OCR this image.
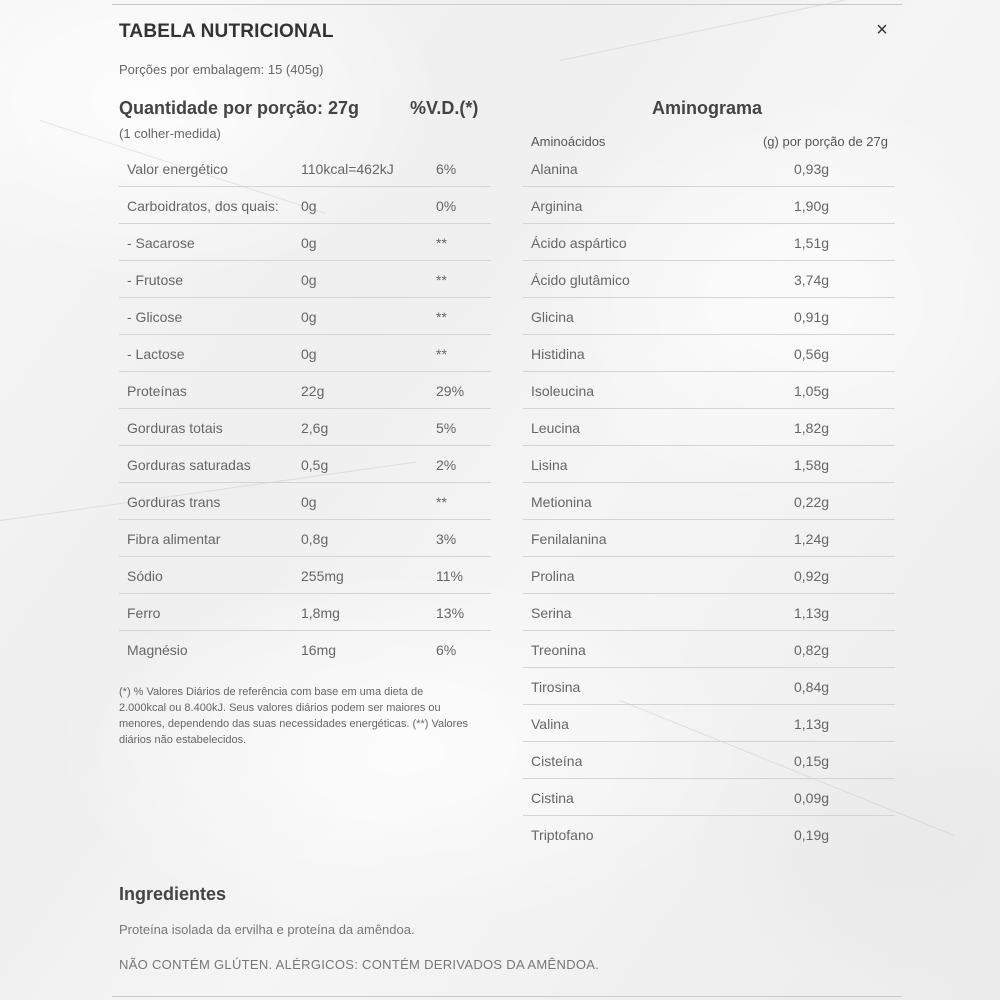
TABELA NUTRICIONAL	×
Porções por embalagem: 15 (405g)
Quantidade por porção: 27g	%V.D.(*)
(1 colher-medida)
Aminograma
Aminoácidos	(g) por porção de 27g
Valor energético	110kcal=462kJ	6%
Carboidratos, dos quais: 0g	0%
- Sacarose	0g	**
- Frutose	0g	**
- Glicose	0g	**
- Lactose	0g	**
Proteínas	22g	29%
Gorduras totais	2,6g	5%
Gorduras saturadas	0,5g	2%
Gorduras trans	0g	**
Fibra alimentar	0,8g	3%
Sódio	255mg	11%
Ferro	1,8mg	13%
Magnésio	16mg	6%
Alanina	0,93g
Arginina	1,90g
Ácido aspártico	1,51g
Ácido glutâmico	3,74g
Glicina	0,91g
Histidina	0,56g
Isoleucina	1,05g
Leucina	1,82g
Lisina	1,58g
Metionina	0,22g
Fenilalanina	1,24g
Prolina	0,92g
Serina	1,13g
Treonina	0,82g
Tirosina	0,84g
Valina	1,13g
Cisteína	0,15g
Cistina	0,09g
Triptofano	0,19g
(*) % Valores Diários de referência com base em uma dieta de 2.000kcal ou 8.400kJ. Seus valores diários podem ser maiores ou menores, dependendo das suas necessidades energéticas. (**) Valores diários não estabelecidos.
Ingredientes
Proteína isolada da ervilha e proteína da amêndoa.
NÃO CONTÉM GLÚTEN. ALÉRGICOS: CONTÉM DERIVADOS DA AMÊNDOA.
